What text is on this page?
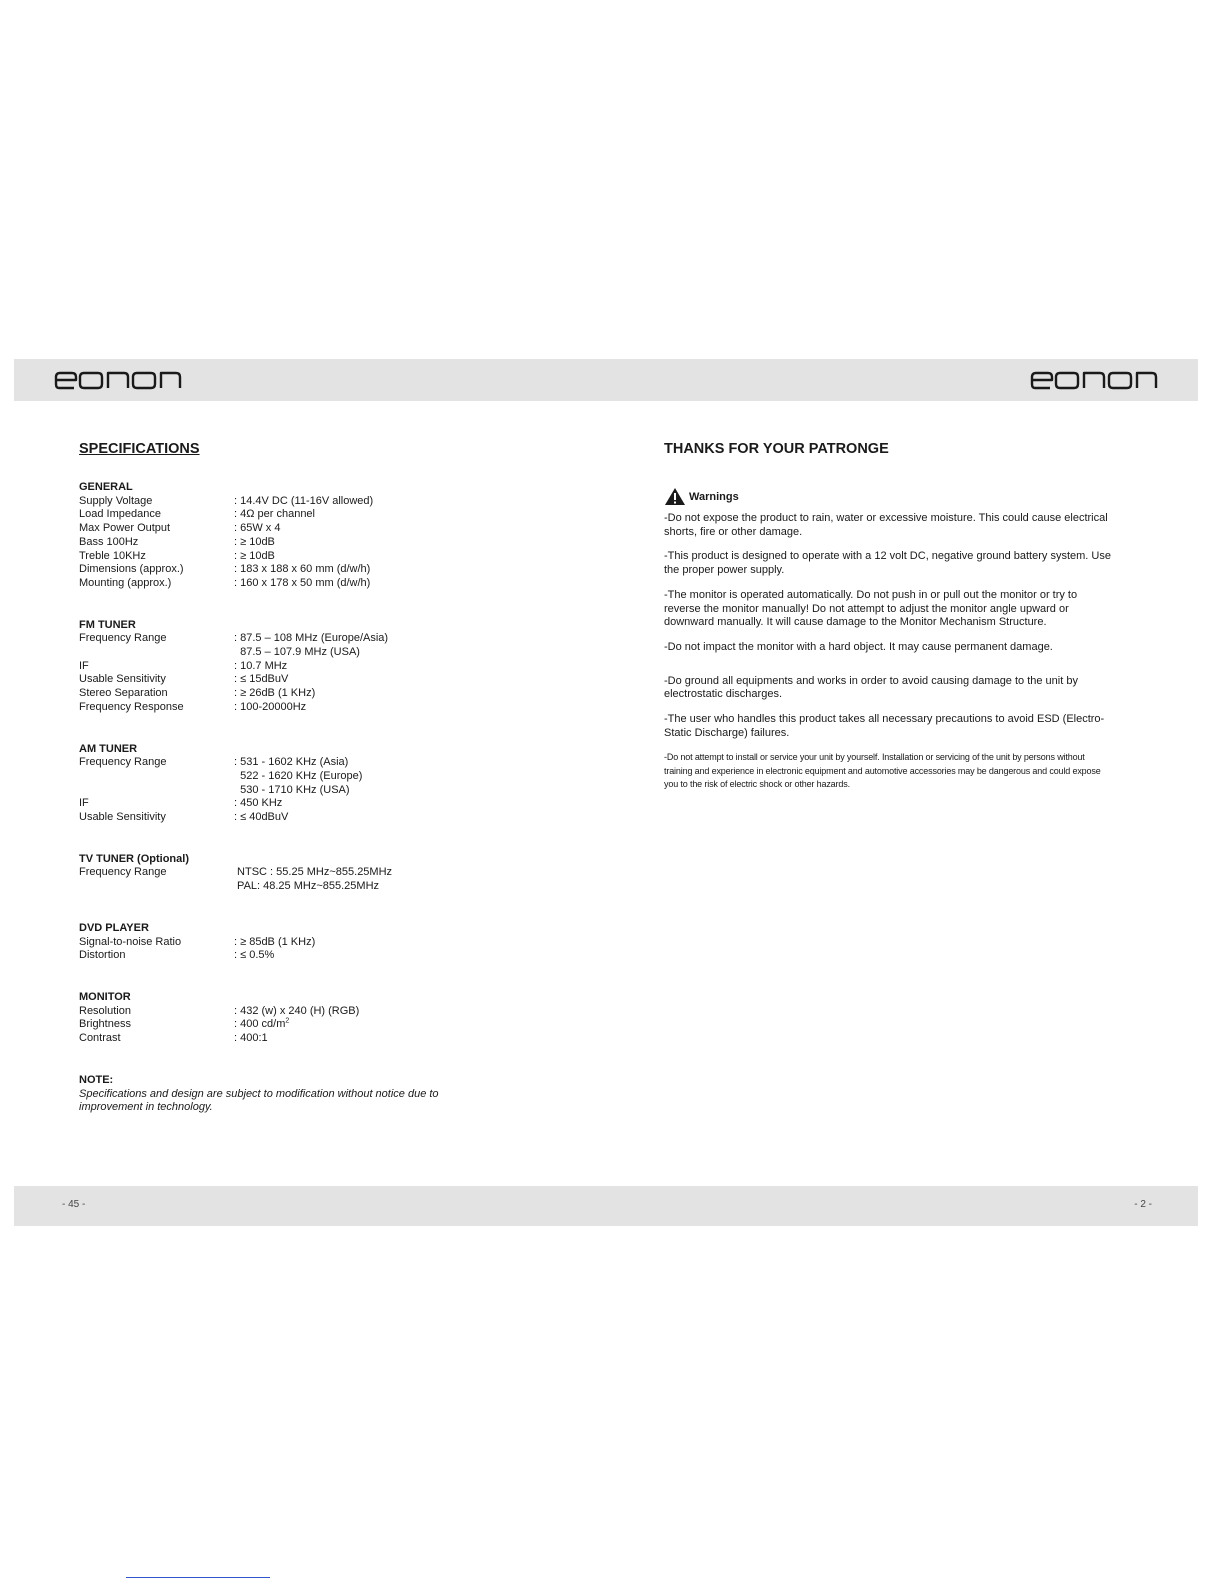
SPECIFICATIONS
GENERAL
Supply Voltage	: 14.4V DC (11-16V allowed)
Load Impedance	: 4Ω per channel
Max Power Output	: 65W x 4
Bass 100Hz	: ≥ 10dB
Treble 10KHz	: ≥ 10dB
Dimensions (approx.)	: 183 x 188 x 60 mm (d/w/h)
Mounting (approx.)	: 160 x 178 x 50 mm (d/w/h)
FM TUNER
Frequency Range	: 87.5 – 108 MHz (Europe/Asia)
87.5 – 107.9 MHz (USA)
IF	: 10.7 MHz
Usable Sensitivity	: ≤ 15dBuV
Stereo Separation	: ≥ 26dB (1 KHz)
Frequency Response	: 100-20000Hz
AM TUNER
Frequency Range	: 531 - 1602 KHz (Asia)
522 - 1620 KHz (Europe)
530 - 1710 KHz (USA)
IF	: 450 KHz
Usable Sensitivity	: ≤ 40dBuV
TV TUNER (Optional)
Frequency Range	NTSC : 55.25 MHz~855.25MHz
PAL: 48.25 MHz~855.25MHz
DVD PLAYER
Signal-to-noise Ratio	: ≥ 85dB (1 KHz)
Distortion	: ≤ 0.5%
MONITOR
Resolution	: 432 (w) x 240 (H) (RGB)
Brightness	: 400 $cd/m^2$
Contrast	: 400:1
NOTE:
Specifications and design are subject to modification without notice due to improvement in technology.
THANKS FOR YOUR PATRONGE
Warnings

-Do not expose the product to rain, water or excessive moisture. This could cause electrical shorts, fire or other damage.

-This product is designed to operate with a 12 volt DC, negative ground battery system. Use the proper power supply.

-The monitor is operated automatically. Do not push in or pull out the monitor or try to reverse the monitor manually! Do not attempt to adjust the monitor angle upward or downward manually. It will cause damage to the Monitor Mechanism Structure.

-Do not impact the monitor with a hard object. It may cause permanent damage.

-Do ground all equipments and works in order to avoid causing damage to the unit by electrostatic discharges.

-The user who handles this product takes all necessary precautions to avoid ESD (Electro-Static Discharge) failures.

-Do not attempt to install or service your unit by yourself. Installation or servicing of the unit by persons without training and experience in electronic equipment and automotive accessories may be dangerous and could expose you to the risk of electric shock or other hazards.

- 45 -	- 2 -
